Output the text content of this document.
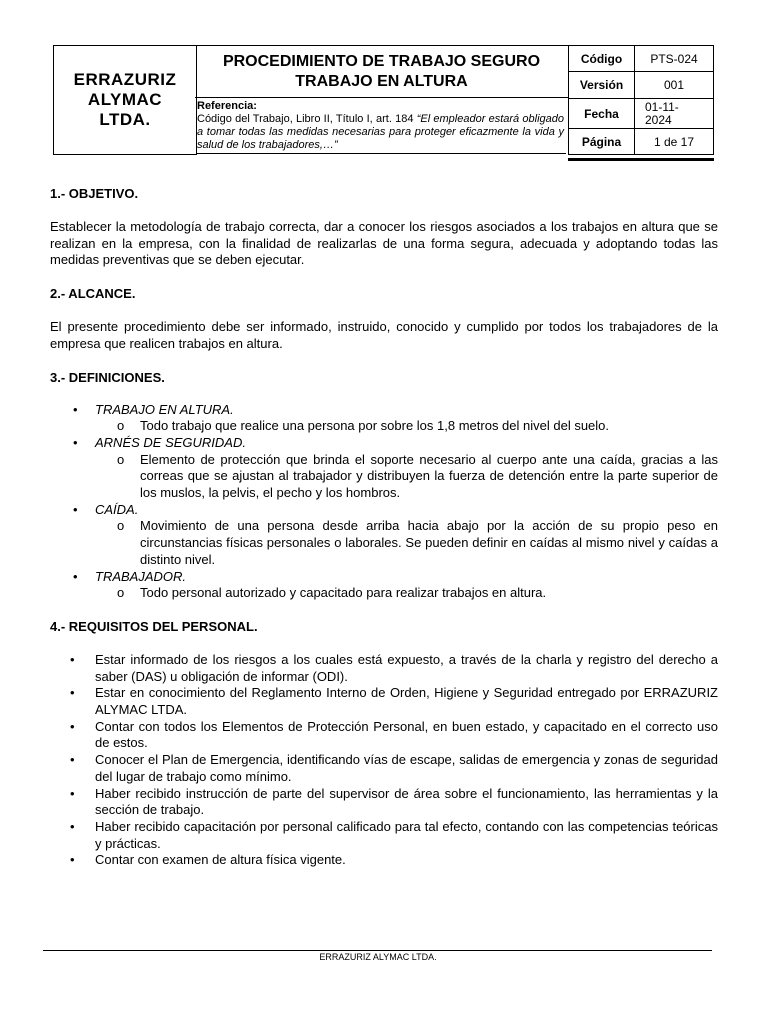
ERRAZURIZ
ALYMAC
LTDA.
PROCEDIMIENTO DE TRABAJO SEGURO
TRABAJO EN ALTURA
Referencia:
Código del Trabajo, Libro II, Título I, art. 184 “El empleador estará obligado a tomar todas las medidas necesarias para proteger eficazmente la vida y salud de los trabajadores,…”
Código	PTS-024
Versión	001
Fecha	01-11-
2024
Página	1 de 17
1.- OBJETIVO.

Establecer la metodología de trabajo correcta, dar a conocer los riesgos asociados a los trabajos en altura que se realizan en la empresa, con la finalidad de realizarlas de una forma segura, adecuada y adoptando todas las medidas preventivas que se deben ejecutar.

2.- ALCANCE.

El presente procedimiento debe ser informado, instruido, conocido y cumplido por todos los trabajadores de la empresa que realicen trabajos en altura.

3.- DEFINICIONES.
• TRABAJO EN ALTURA.
o Todo trabajo que realice una persona por sobre los 1,8 metros del nivel del suelo.
• ARNÉS DE SEGURIDAD.
o Elemento de protección que brinda el soporte necesario al cuerpo ante una caída, gracias a las correas que se ajustan al trabajador y distribuyen la fuerza de detención entre la parte superior de los muslos, la pelvis, el pecho y los hombros.
• CAÍDA.
o Movimiento de una persona desde arriba hacia abajo por la acción de su propio peso en circunstancias físicas personales o laborales. Se pueden definir en caídas al mismo nivel y caídas a distinto nivel.
• TRABAJADOR.
o Todo personal autorizado y capacitado para realizar trabajos en altura.
4.- REQUISITOS DEL PERSONAL.
• Estar informado de los riesgos a los cuales está expuesto, a través de la charla y registro del derecho a saber (DAS) u obligación de informar (ODI).
• Estar en conocimiento del Reglamento Interno de Orden, Higiene y Seguridad entregado por ERRAZURIZ ALYMAC LTDA.
• Contar con todos los Elementos de Protección Personal, en buen estado, y capacitado en el correcto uso de estos.
• Conocer el Plan de Emergencia, identificando vías de escape, salidas de emergencia y zonas de seguridad del lugar de trabajo como mínimo.
• Haber recibido instrucción de parte del supervisor de área sobre el funcionamiento, las herramientas y la sección de trabajo.
• Haber recibido capacitación por personal calificado para tal efecto, contando con las competencias teóricas y prácticas.
• Contar con examen de altura física vigente.
ERRAZURIZ ALYMAC LTDA.
